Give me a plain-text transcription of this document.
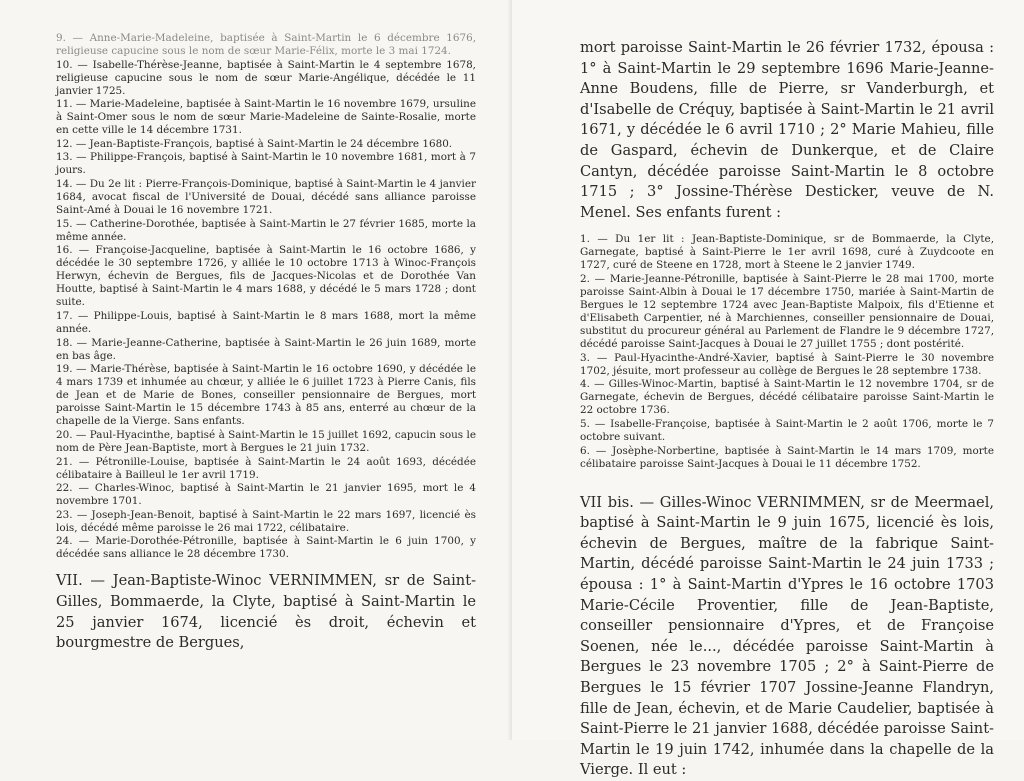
9. — Anne-Marie-Madeleine, baptisée à Saint-Martin le 6 décembre 1676, religieuse capucine sous le nom de sœur Marie-Félix, morte le 3 mai 1724.

10. — Isabelle-Thérèse-Jeanne, baptisée à Saint-Martin le 4 septembre 1678, religieuse capucine sous le nom de sœur Marie-Angélique, décédée le 11 janvier 1725.

11. — Marie-Madeleine, baptisée à Saint-Martin le 16 novembre 1679, ursuline à Saint-Omer sous le nom de sœur Marie-Madeleine de Sainte-Rosalie, morte en cette ville le 14 décembre 1731.

12. — Jean-Baptiste-François, baptisé à Saint-Martin le 24 décembre 1680.

13. — Philippe-François, baptisé à Saint-Martin le 10 novembre 1681, mort à 7 jours.

14. — Du 2e lit : Pierre-François-Dominique, baptisé à Saint-Martin le 4 janvier 1684, avocat fiscal de l'Université de Douai, décédé sans alliance paroisse Saint-Amé à Douai le 16 novembre 1721.

15. — Catherine-Dorothée, baptisée à Saint-Martin le 27 février 1685, morte la même année.

16. — Françoise-Jacqueline, baptisée à Saint-Martin le 16 octobre 1686, y décédée le 30 septembre 1726, y alliée le 10 octobre 1713 à Winoc-François Herwyn, échevin de Bergues, fils de Jacques-Nicolas et de Dorothée Van Houtte, baptisé à Saint-Martin le 4 mars 1688, y décédé le 5 mars 1728 ; dont suite.

17. — Philippe-Louis, baptisé à Saint-Martin le 8 mars 1688, mort la même année.

18. — Marie-Jeanne-Catherine, baptisée à Saint-Martin le 26 juin 1689, morte en bas âge.

19. — Marie-Thérèse, baptisée à Saint-Martin le 16 octobre 1690, y décédée le 4 mars 1739 et inhumée au chœur, y alliée le 6 juillet 1723 à Pierre Canis, fils de Jean et de Marie de Bones, conseiller pensionnaire de Bergues, mort paroisse Saint-Martin le 15 décembre 1743 à 85 ans, enterré au chœur de la chapelle de la Vierge. Sans enfants.

20. — Paul-Hyacinthe, baptisé à Saint-Martin le 15 juillet 1692, capucin sous le nom de Père Jean-Baptiste, mort à Bergues le 21 juin 1732.

21. — Pétronille-Louise, baptisée à Saint-Martin le 24 août 1693, décédée célibataire à Bailleul le 1er avril 1719.

22. — Charles-Winoc, baptisé à Saint-Martin le 21 janvier 1695, mort le 4 novembre 1701.

23. — Joseph-Jean-Benoit, baptisé à Saint-Martin le 22 mars 1697, licencié ès lois, décédé même paroisse le 26 mai 1722, célibataire.

24. — Marie-Dorothée-Pétronille, baptisée à Saint-Martin le 6 juin 1700, y décédée sans alliance le 28 décembre 1730.

VII. — Jean-Baptiste-Winoc VERNIMMEN, sr de Saint-Gilles, Bommaerde, la Clyte, baptisé à Saint-Martin le 25 janvier 1674, licencié ès droit, échevin et bourgmestre de Bergues,

mort paroisse Saint-Martin le 26 février 1732, épousa : 1° à Saint-Martin le 29 septembre 1696 Marie-Jeanne-Anne Boudens, fille de Pierre, sr Vanderburgh, et d'Isabelle de Créquy, baptisée à Saint-Martin le 21 avril 1671, y décédée le 6 avril 1710 ; 2° Marie Mahieu, fille de Gaspard, échevin de Dunkerque, et de Claire Cantyn, décédée paroisse Saint-Martin le 8 octobre 1715 ; 3° Jossine-Thérèse Desticker, veuve de N. Menel. Ses enfants furent :

1. — Du 1er lit : Jean-Baptiste-Dominique, sr de Bommaerde, la Clyte, Garnegate, baptisé à Saint-Pierre le 1er avril 1698, curé à Zuydcoote en 1727, curé de Steene en 1728, mort à Steene le 2 janvier 1749.

2. — Marie-Jeanne-Pétronille, baptisée à Saint-Pierre le 28 mai 1700, morte paroisse Saint-Albin à Douai le 17 décembre 1750, mariée à Saint-Martin de Bergues le 12 septembre 1724 avec Jean-Baptiste Malpoix, fils d'Etienne et d'Elisabeth Carpentier, né à Marchiennes, conseiller pensionnaire de Douai, substitut du procureur général au Parlement de Flandre le 9 décembre 1727, décédé paroisse Saint-Jacques à Douai le 27 juillet 1755 ; dont postérité.

3. — Paul-Hyacinthe-André-Xavier, baptisé à Saint-Pierre le 30 novembre 1702, jésuite, mort professeur au collège de Bergues le 28 septembre 1738.

4. — Gilles-Winoc-Martin, baptisé à Saint-Martin le 12 novembre 1704, sr de Garnegate, échevin de Bergues, décédé célibataire paroisse Saint-Martin le 22 octobre 1736.

5. — Isabelle-Françoise, baptisée à Saint-Martin le 2 août 1706, morte le 7 octobre suivant.

6. — Josèphe-Norbertine, baptisée à Saint-Martin le 14 mars 1709, morte célibataire paroisse Saint-Jacques à Douai le 11 décembre 1752.

VII bis. — Gilles-Winoc VERNIMMEN, sr de Meermael, baptisé à Saint-Martin le 9 juin 1675, licencié ès lois, échevin de Bergues, maître de la fabrique Saint-Martin, décédé paroisse Saint-Martin le 24 juin 1733 ; épousa : 1° à Saint-Martin d'Ypres le 16 octobre 1703 Marie-Cécile Proventier, fille de Jean-Baptiste, conseiller pensionnaire d'Ypres, et de Françoise Soenen, née le..., décédée paroisse Saint-Martin à Bergues le 23 novembre 1705 ; 2° à Saint-Pierre de Bergues le 15 février 1707 Jossine-Jeanne Flandryn, fille de Jean, échevin, et de Marie Caudelier, baptisée à Saint-Pierre le 21 janvier 1688, décédée paroisse Saint-Martin le 19 juin 1742, inhumée dans la chapelle de la Vierge. Il eut :
